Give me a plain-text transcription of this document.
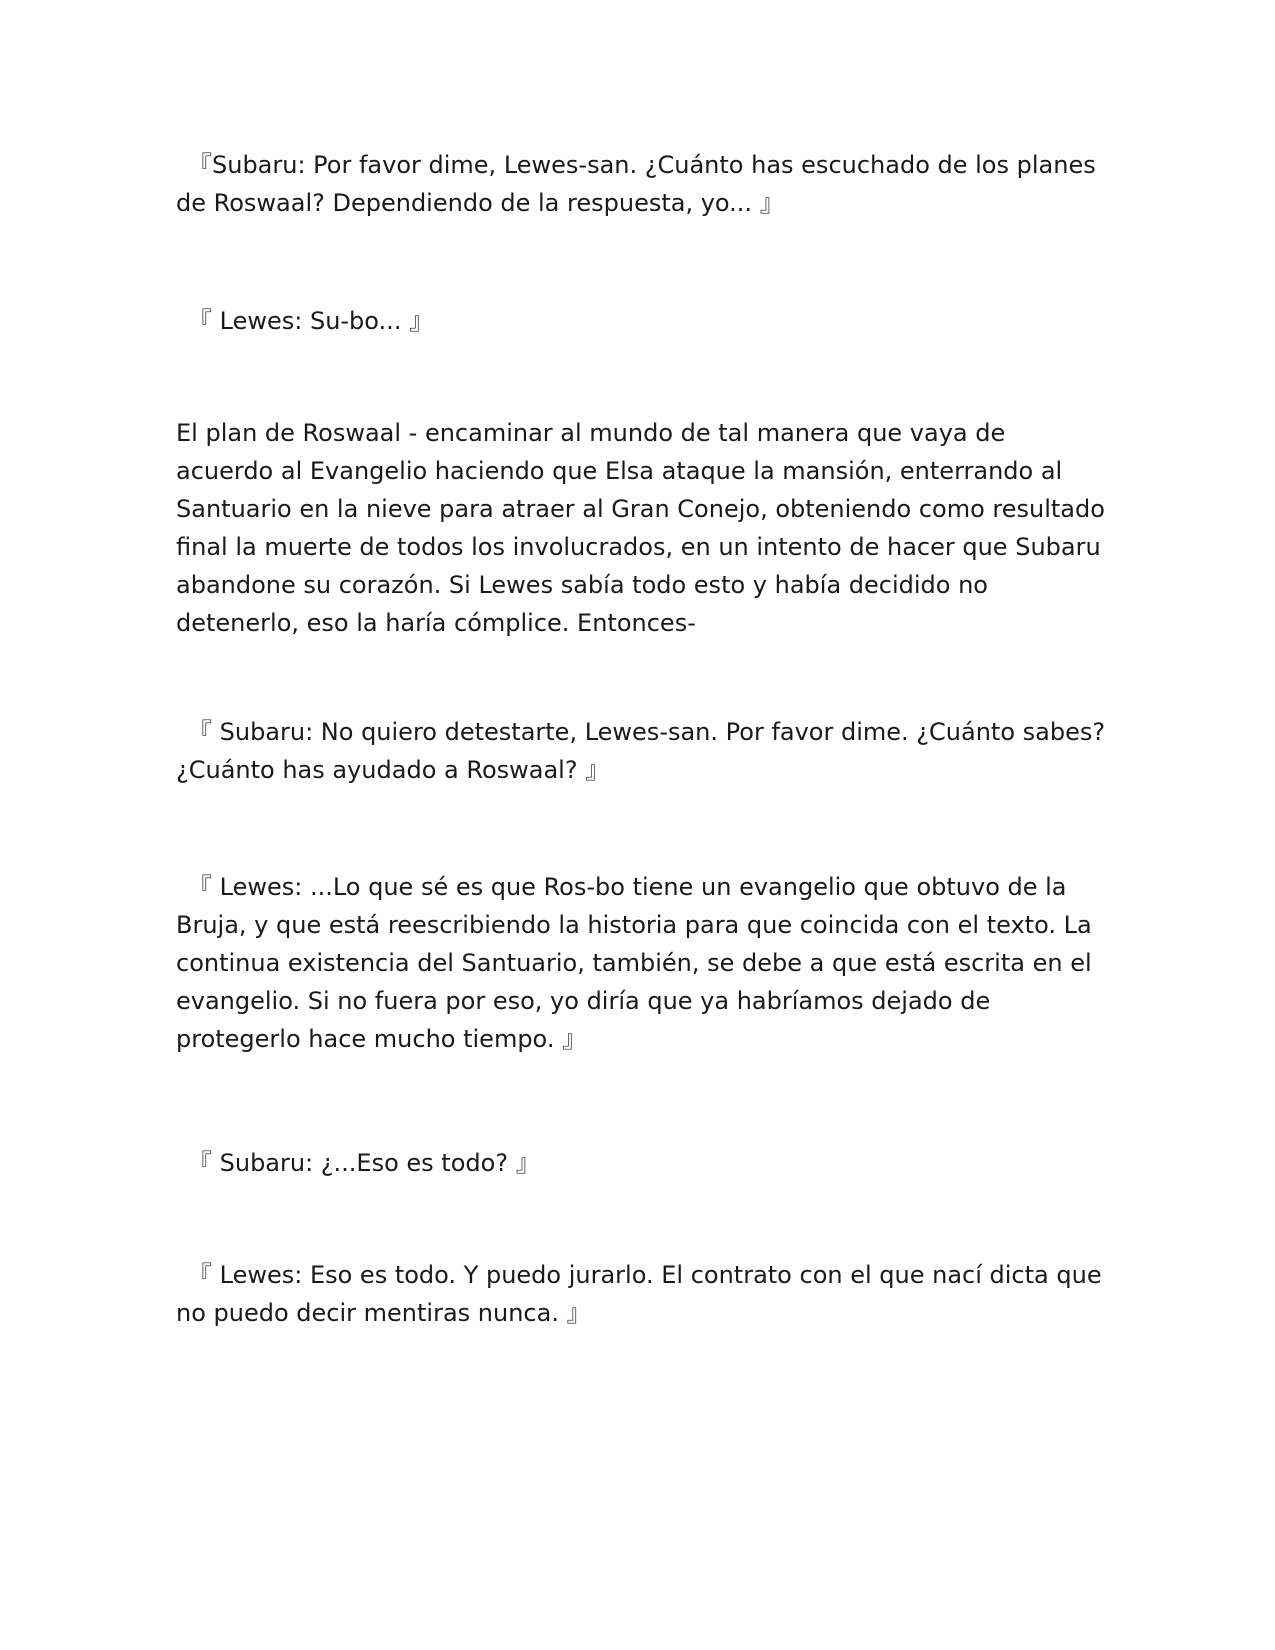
『Subaru: Por favor dime, Lewes-san. ¿Cuánto has escuchado de los planes de Roswaal? Dependiendo de la respuesta, yo... 』

『 Lewes: Su-bo... 』

El plan de Roswaal - encaminar al mundo de tal manera que vaya de acuerdo al Evangelio haciendo que Elsa ataque la mansión, enterrando al Santuario en la nieve para atraer al Gran Conejo, obteniendo como resultado final la muerte de todos los involucrados, en un intento de hacer que Subaru abandone su corazón. Si Lewes sabía todo esto y había decidido no detenerlo, eso la haría cómplice. Entonces-

『 Subaru: No quiero detestarte, Lewes-san. Por favor dime. ¿Cuánto sabes? ¿Cuánto has ayudado a Roswaal? 』

『 Lewes: ...Lo que sé es que Ros-bo tiene un evangelio que obtuvo de la Bruja, y que está reescribiendo la historia para que coincida con el texto. La continua existencia del Santuario, también, se debe a que está escrita en el evangelio. Si no fuera por eso, yo diría que ya habríamos dejado de protegerlo hace mucho tiempo. 』

『 Subaru: ¿...Eso es todo? 』

『 Lewes: Eso es todo. Y puedo jurarlo. El contrato con el que nací dicta que no puedo decir mentiras nunca. 』
